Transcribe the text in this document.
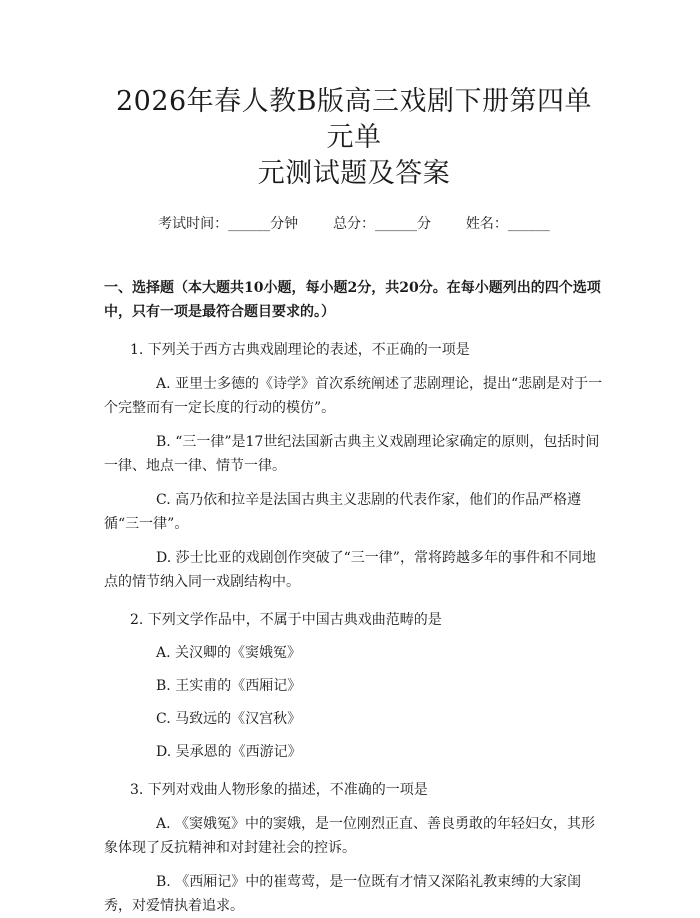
2026年春人教B版高三戏剧下册第四单元单
元测试题及答案
考试时间：______分钟 总分：______分 姓名：______
一、选择题（本大题共10小题，每小题2分，共20分。在每小题列出的四个选项中，只有一项是最符合题目要求的。）
1. 下列关于西方古典戏剧理论的表述，不正确的一项是
A. 亚里士多德的《诗学》首次系统阐述了悲剧理论，提出“悲剧是对于一个完整而有一定长度的行动的模仿”。
B. “三一律”是17世纪法国新古典主义戏剧理论家确定的原则，包括时间一律、地点一律、情节一律。
C. 高乃依和拉辛是法国古典主义悲剧的代表作家，他们的作品严格遵循“三一律”。
D. 莎士比亚的戏剧创作突破了“三一律”，常将跨越多年的事件和不同地点的情节纳入同一戏剧结构中。
2. 下列文学作品中，不属于中国古典戏曲范畴的是
A. 关汉卿的《窦娥冤》
B. 王实甫的《西厢记》
C. 马致远的《汉宫秋》
D. 吴承恩的《西游记》
3. 下列对戏曲人物形象的描述，不准确的一项是
A. 《窦娥冤》中的窦娥，是一位刚烈正直、善良勇敢的年轻妇女，其形象体现了反抗精神和对封建社会的控诉。
B. 《西厢记》中的崔莺莺，是一位既有才情又深陷礼教束缚的大家闺秀，对爱情执着追求。
